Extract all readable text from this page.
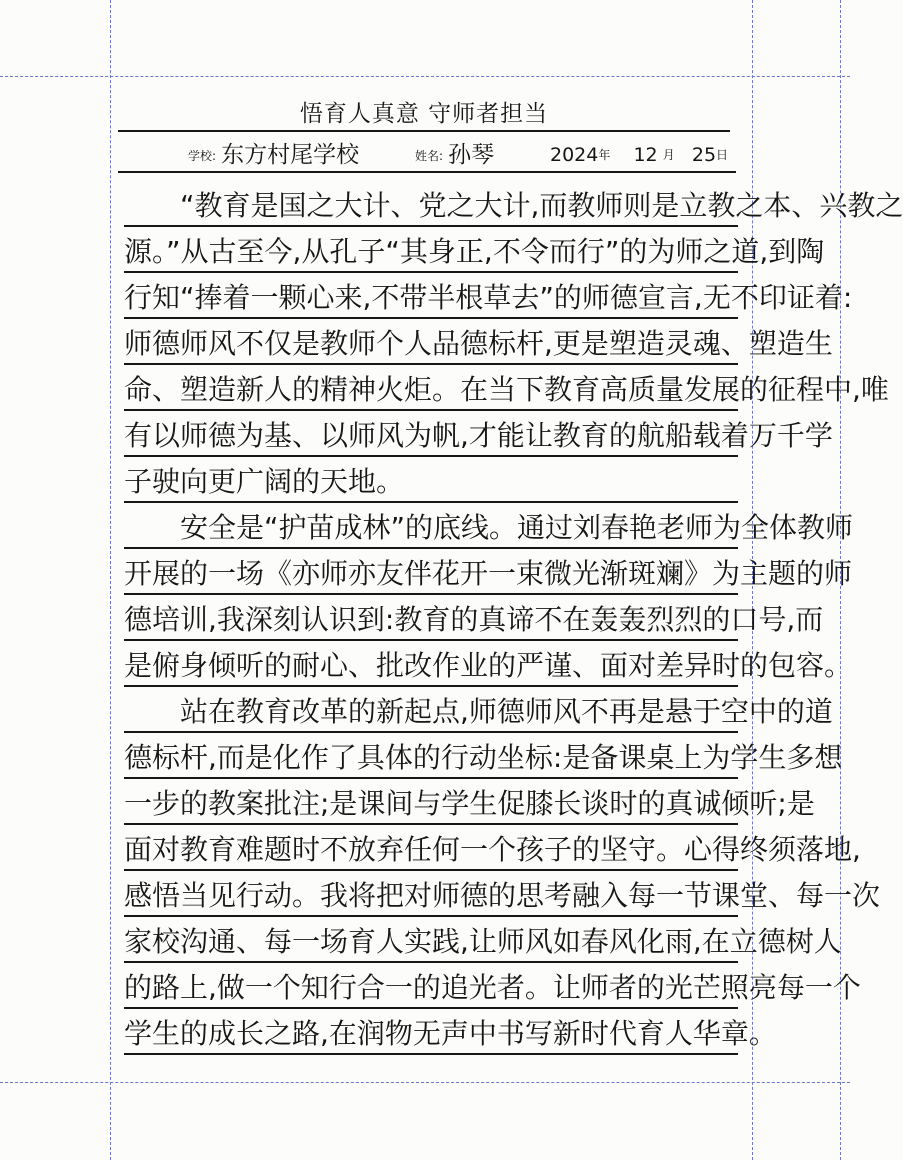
悟育人真意 守师者担当
学校: 东方村尾学校	姓名: 孙琴	2024年 12 月 25日
“教育是国之大计、党之大计,而教师则是立教之本、兴教之
源。”从古至今,从孔子“其身正,不令而行”的为师之道,到陶
行知“捧着一颗心来,不带半根草去”的师德宣言,无不印证着:
师德师风不仅是教师个人品德标杆,更是塑造灵魂、塑造生
命、塑造新人的精神火炬。在当下教育高质量发展的征程中,唯
有以师德为基、以师风为帆,才能让教育的航船载着万千学
子驶向更广阔的天地。
安全是“护苗成林”的底线。通过刘春艳老师为全体教师
开展的一场《亦师亦友伴花开一束微光渐斑斓》为主题的师
德培训,我深刻认识到:教育的真谛不在轰轰烈烈的口号,而
是俯身倾听的耐心、批改作业的严谨、面对差异时的包容。
站在教育改革的新起点,师德师风不再是悬于空中的道
德标杆,而是化作了具体的行动坐标:是备课桌上为学生多想
一步的教案批注;是课间与学生促膝长谈时的真诚倾听;是
面对教育难题时不放弃任何一个孩子的坚守。心得终须落地,
感悟当见行动。我将把对师德的思考融入每一节课堂、每一次
家校沟通、每一场育人实践,让师风如春风化雨,在立德树人
的路上,做一个知行合一的追光者。让师者的光芒照亮每一个
学生的成长之路,在润物无声中书写新时代育人华章。
